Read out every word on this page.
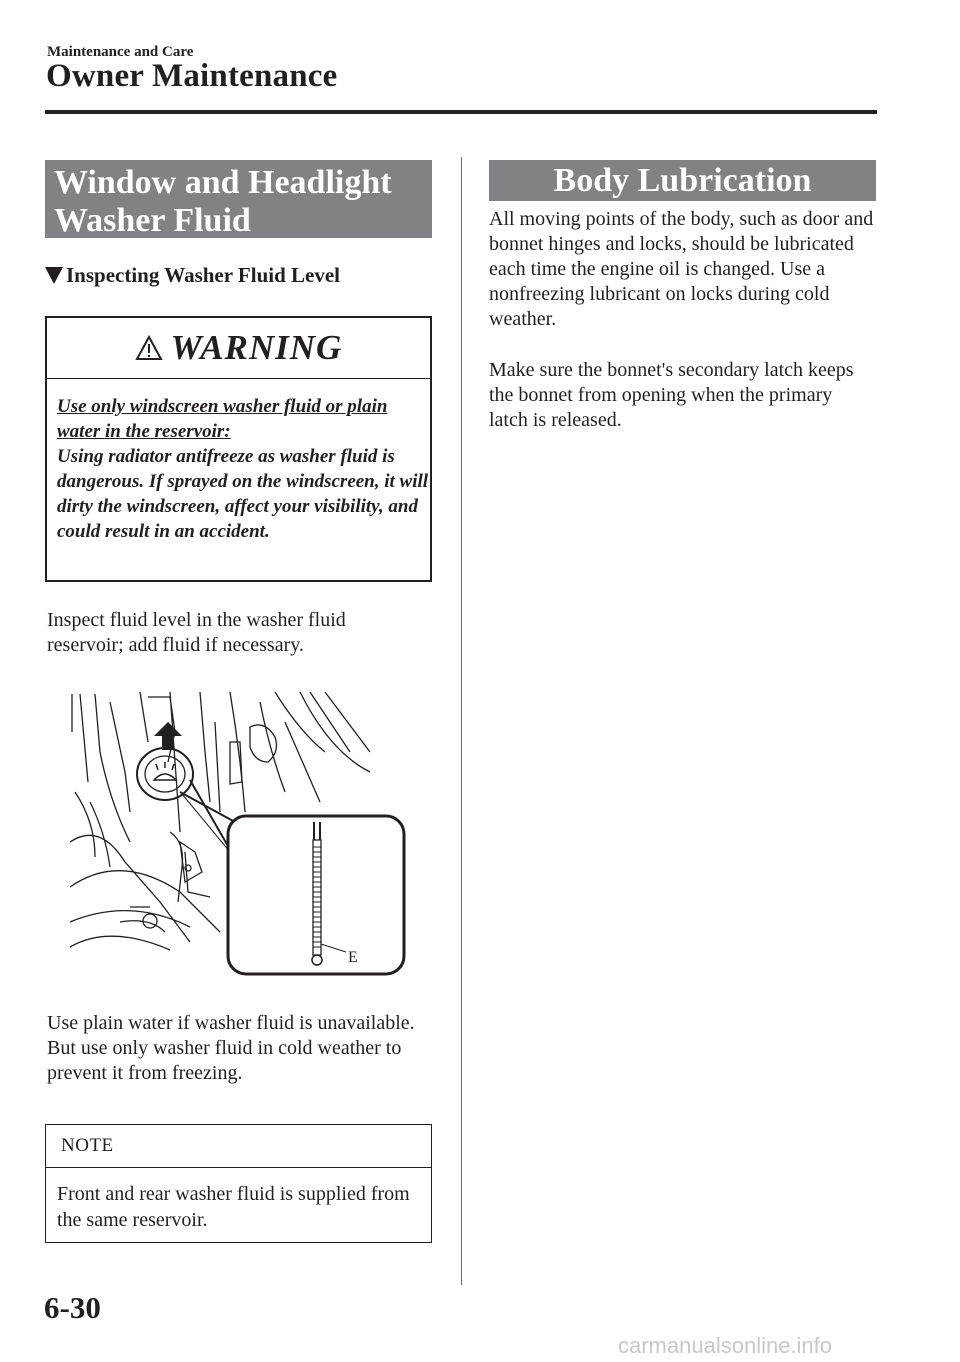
Maintenance and Care
Owner Maintenance
Window and Headlight
Washer Fluid
Inspecting Washer Fluid Level
WARNING
Use only windscreen washer fluid or plain water in the reservoir:
Using radiator antifreeze as washer fluid is dangerous. If sprayed on the windscreen, it will dirty the windscreen, affect your visibility, and could result in an accident.
Inspect fluid level in the washer fluid reservoir; add fluid if necessary.
E
Use plain water if washer fluid is unavailable.
But use only washer fluid in cold weather to prevent it from freezing.
NOTE
Front and rear washer fluid is supplied from the same reservoir.
Body Lubrication
All moving points of the body, such as door and bonnet hinges and locks, should be lubricated each time the engine oil is changed. Use a nonfreezing lubricant on locks during cold weather.
Make sure the bonnet's secondary latch keeps the bonnet from opening when the primary latch is released.
6-30
carmanualsonline.info
